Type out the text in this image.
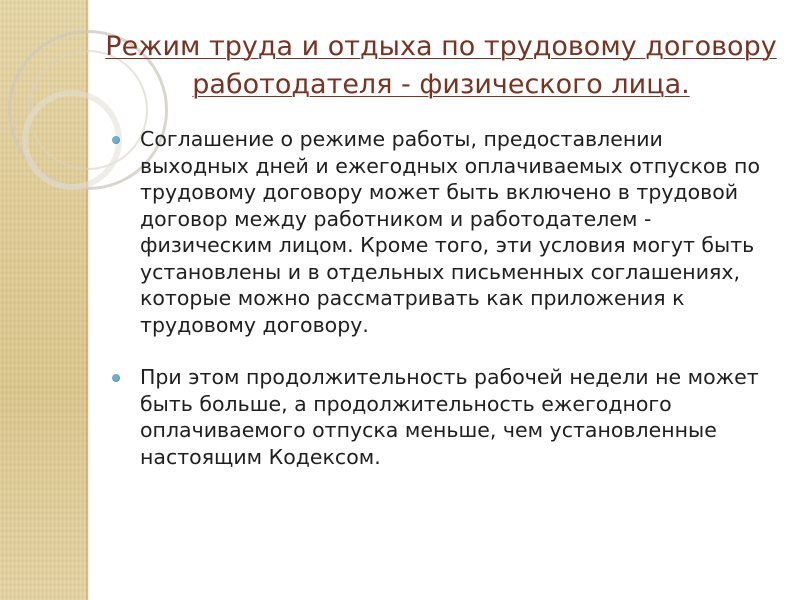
Режим труда и отдыха по трудовому договору работодателя - физического лица.
Соглашение о режиме работы, предоставлении выходных дней и ежегодных оплачиваемых отпусков по трудовому договору может быть включено в трудовой договор между работником и работодателем - физическим лицом. Кроме того, эти условия могут быть установлены и в отдельных письменных соглашениях, которые можно рассматривать как приложения к трудовому договору.
При этом продолжительность рабочей недели не может быть больше, а продолжительность ежегодного оплачиваемого отпуска меньше, чем установленные настоящим Кодексом.
